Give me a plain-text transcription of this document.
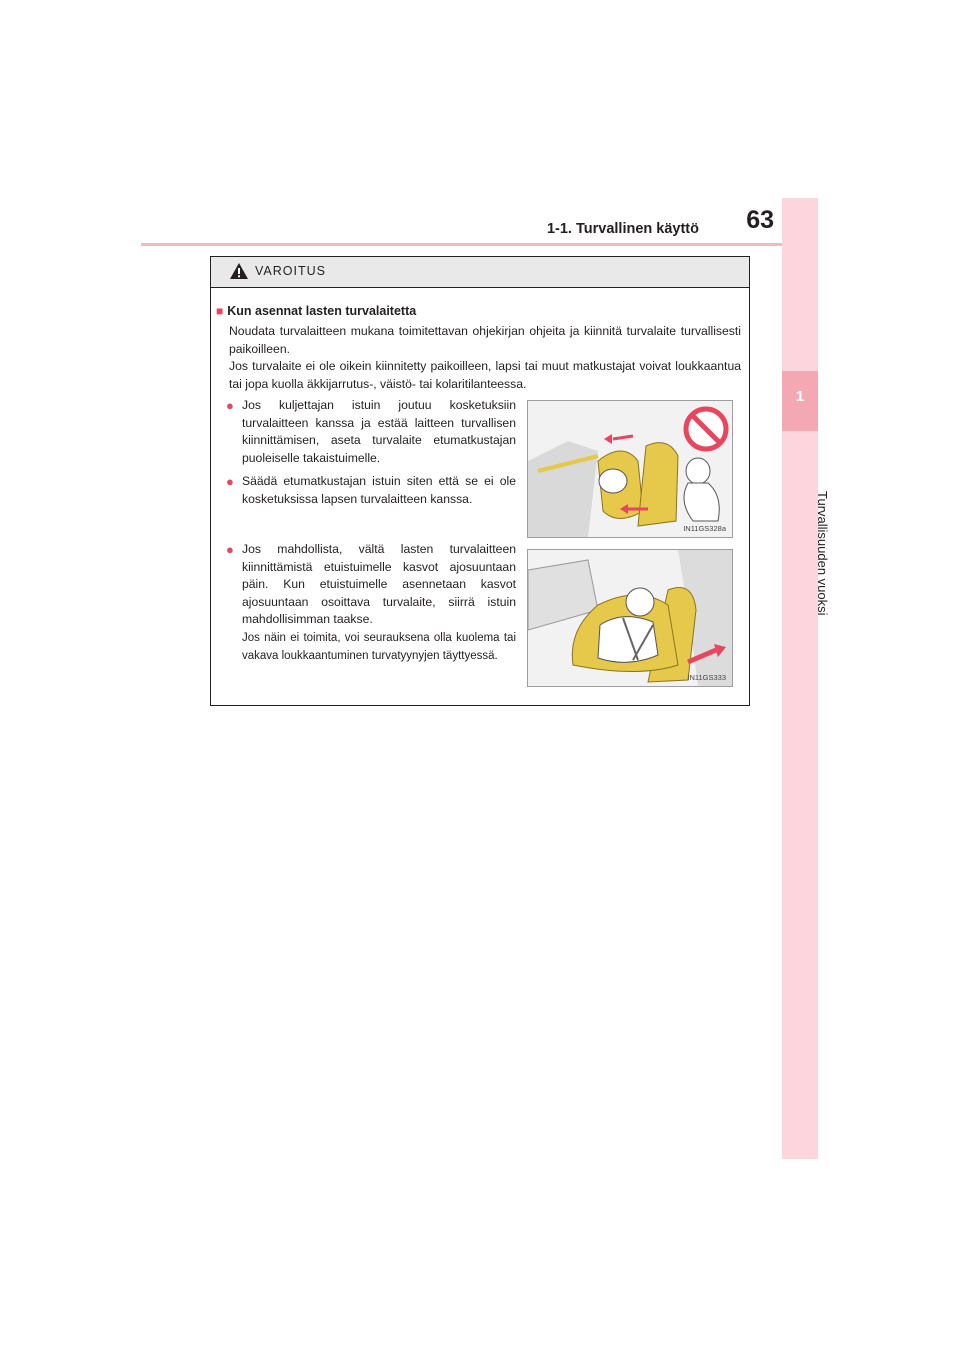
1-1. Turvallinen käyttö	63
1
Turvallisuuden vuoksi
VAROITUS
■ Kun asennat lasten turvalaitetta

Noudata turvalaitteen mukana toimitettavan ohjekirjan ohjeita ja kiinnitä turvalaite turvallisesti paikoilleen.

Jos turvalaite ei ole oikein kiinnitetty paikoilleen, lapsi tai muut matkustajat voivat loukkaantua tai jopa kuolla äkkijarrutus-, väistö- tai kolaritilanteessa.

● Jos kuljettajan istuin joutuu kosketuksiin turvalaitteen kanssa ja estää laitteen turvallisen kiinnittämisen, aseta turvalaite etumatkustajan puoleiselle takaistuimelle.
● Säädä etumatkustajan istuin siten että se ei ole kosketuksissa lapsen turvalaitteen kanssa.
IN11GS328a
● Jos mahdollista, vältä lasten turvalaitteen kiinnittämistä etuistuimelle kasvot ajosuuntaan päin. Kun etuistuimelle asennetaan kasvot ajosuuntaan osoittava turvalaite, siirrä istuin mahdollisimman taakse.
Jos näin ei toimita, voi seurauksena olla kuolema tai vakava loukkaantuminen turvatyynyjen täyttyessä.
IN11GS333
